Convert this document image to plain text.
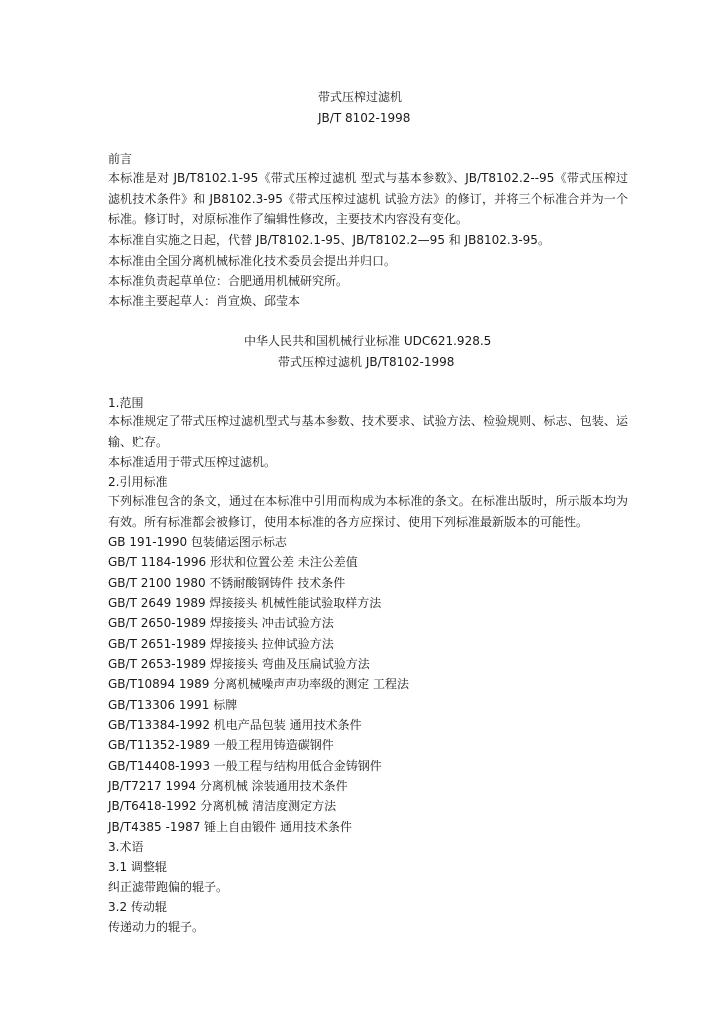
带式压榨过滤机
JB/T 8102-1998
前言
本标准是对 JB/T8102.1-95《带式压榨过滤机 型式与基本参数》、JB/T8102.2--95《带式压榨过滤机技术条件》和 JB8102.3-95《带式压榨过滤机 试验方法》的修订，并将三个标准合并为一个标准。修订时，对原标准作了编辑性修改，主要技术内容没有变化。
本标准自实施之日起，代替 JB/T8102.1-95、JB/T8102.2—95 和 JB8102.3-95。
本标准由全国分离机械标准化技术委员会提出并归口。
本标准负责起草单位：合肥通用机械研究所。
本标准主要起草人：肖宣焕、邱莹本
中华人民共和国机械行业标准 UDC621.928.5
带式压榨过滤机 JB/T8102-1998
1.范围
本标准规定了带式压榨过滤机型式与基本参数、技术要求、试验方法、检验规则、标志、包装、运输、贮存。
本标准适用于带式压榨过滤机。
2.引用标准
下列标准包含的条文，通过在本标准中引用而构成为本标准的条文。在标准出版时，所示版本均为有效。所有标准都会被修订，使用本标准的各方应探讨、使用下列标准最新版本的可能性。
GB 191-1990 包装储运图示标志
GB/T 1184-1996 形状和位置公差 未注公差值
GB/T 2100 1980 不锈耐酸钢铸件 技术条件
GB/T 2649 1989 焊接接头 机械性能试验取样方法
GB/T 2650-1989 焊接接头 冲击试验方法
GB/T 2651-1989 焊接接头 拉伸试验方法
GB/T 2653-1989 焊接接头 弯曲及压扁试验方法
GB/T10894 1989 分离机械噪声声功率级的测定 工程法
GB/T13306 1991 标牌
GB/T13384-1992 机电产品包装 通用技术条件
GB/T11352-1989 一般工程用铸造碳钢件
GB/T14408-1993 一般工程与结构用低合金铸钢件
JB/T7217 1994 分离机械 涂装通用技术条件
JB/T6418-1992 分离机械 清洁度测定方法
JB/T4385 -1987 锤上自由锻件 通用技术条件
3.术语
3.1 调整辊
纠正滤带跑偏的辊子。
3.2 传动辊
传递动力的辊子。
